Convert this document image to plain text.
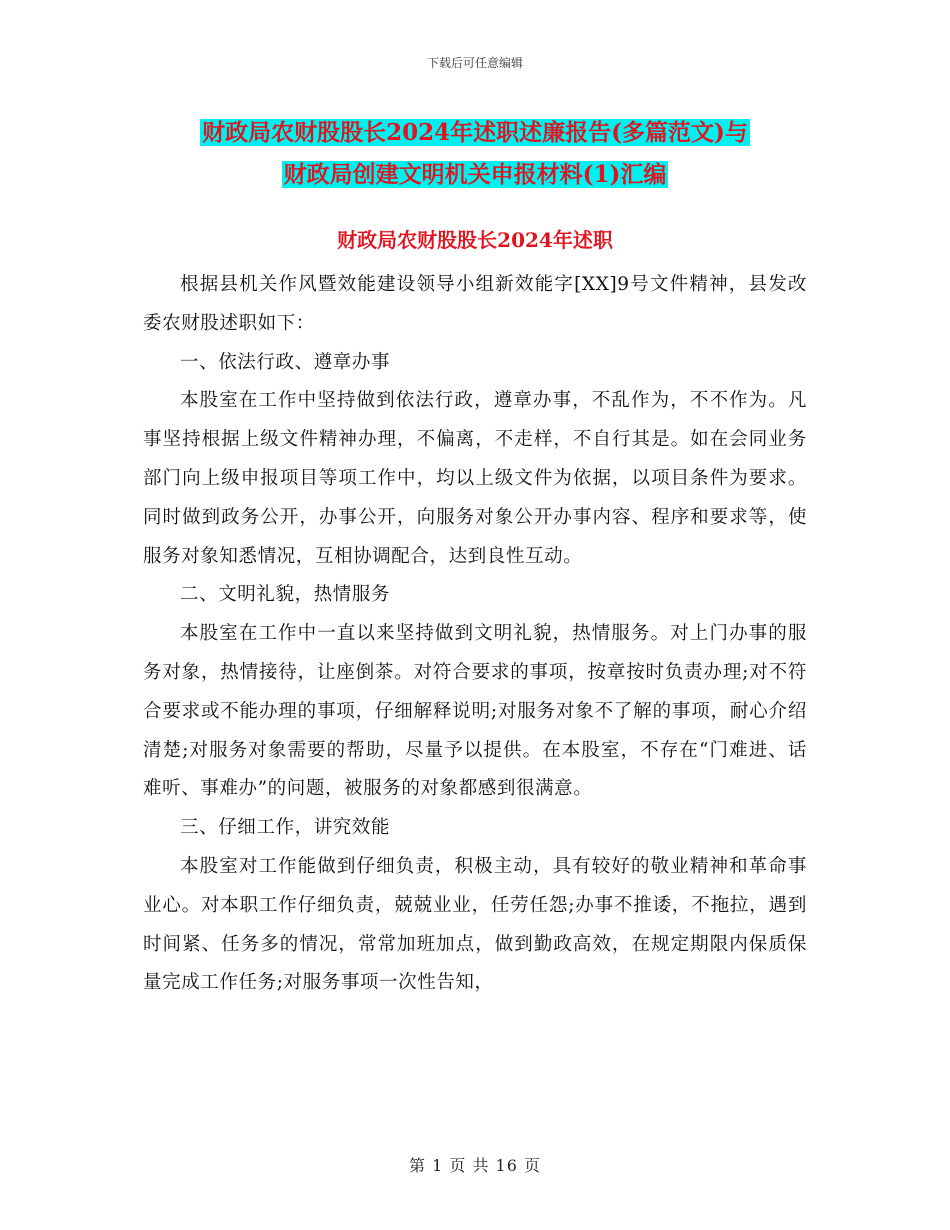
下载后可任意编辑
财政局农财股股长2024年述职述廉报告(多篇范文)与
财政局创建文明机关申报材料(1)汇编
财政局农财股股长2024年述职

根据县机关作风暨效能建设领导小组新效能字[XX]9号文件精神，县发改委农财股述职如下：

一、依法行政、遵章办事

本股室在工作中坚持做到依法行政，遵章办事，不乱作为，不不作为。凡事坚持根据上级文件精神办理，不偏离，不走样，不自行其是。如在会同业务部门向上级申报项目等项工作中，均以上级文件为依据，以项目条件为要求。同时做到政务公开，办事公开，向服务对象公开办事内容、程序和要求等，使服务对象知悉情况，互相协调配合，达到良性互动。

二、文明礼貌，热情服务

本股室在工作中一直以来坚持做到文明礼貌，热情服务。对上门办事的服务对象，热情接待，让座倒茶。对符合要求的事项，按章按时负责办理;对不符合要求或不能办理的事项，仔细解释说明;对服务对象不了解的事项，耐心介绍清楚;对服务对象需要的帮助，尽量予以提供。在本股室，不存在“门难进、话难听、事难办”的问题，被服务的对象都感到很满意。

三、仔细工作，讲究效能

本股室对工作能做到仔细负责，积极主动，具有较好的敬业精神和革命事业心。对本职工作仔细负责，兢兢业业，任劳任怨;办事不推诿，不拖拉，遇到时间紧、任务多的情况，常常加班加点，做到勤政高效，在规定期限内保质保量完成工作任务;对服务事项一次性告知，

第 1 页 共 16 页
